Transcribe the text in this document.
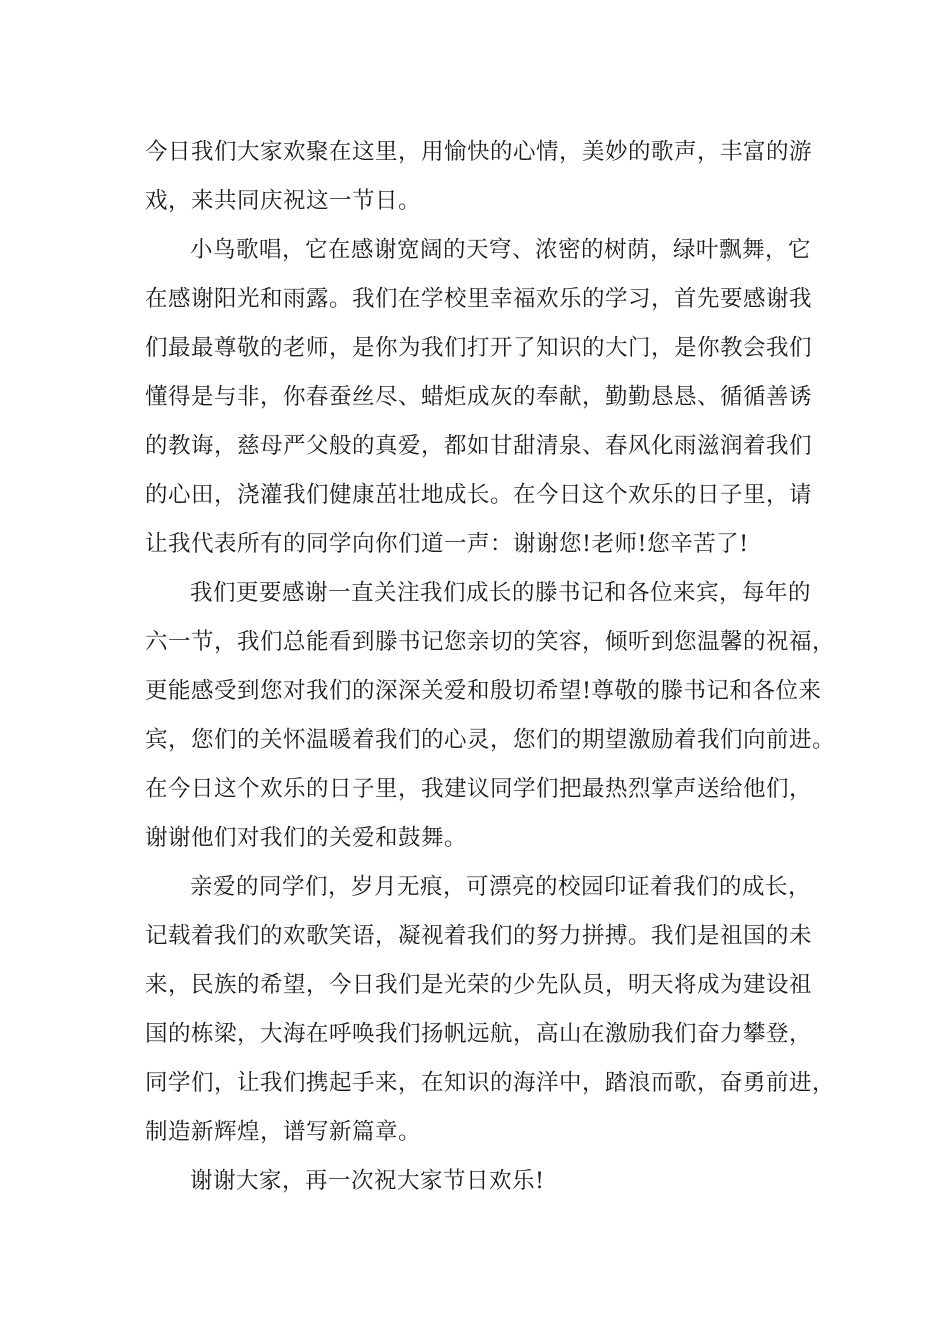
今日我们大家欢聚在这里，用愉快的心情，美妙的歌声，丰富的游
戏，来共同庆祝这一节日。
小鸟歌唱，它在感谢宽阔的天穹、浓密的树荫，绿叶飘舞，它
在感谢阳光和雨露。我们在学校里幸福欢乐的学习，首先要感谢我
们最最尊敬的老师，是你为我们打开了知识的大门，是你教会我们
懂得是与非，你春蚕丝尽、蜡炬成灰的奉献，勤勤恳恳、循循善诱
的教诲，慈母严父般的真爱，都如甘甜清泉、春风化雨滋润着我们
的心田，浇灌我们健康茁壮地成长。在今日这个欢乐的日子里，请
让我代表所有的同学向你们道一声：谢谢您!老师!您辛苦了!
我们更要感谢一直关注我们成长的滕书记和各位来宾，每年的
六一节，我们总能看到滕书记您亲切的笑容，倾听到您温馨的祝福，
更能感受到您对我们的深深关爱和殷切希望!尊敬的滕书记和各位来
宾，您们的关怀温暖着我们的心灵，您们的期望激励着我们向前进。
在今日这个欢乐的日子里，我建议同学们把最热烈掌声送给他们，
谢谢他们对我们的关爱和鼓舞。
亲爱的同学们，岁月无痕，可漂亮的校园印证着我们的成长，
记载着我们的欢歌笑语，凝视着我们的努力拼搏。我们是祖国的未
来，民族的希望，今日我们是光荣的少先队员，明天将成为建设祖
国的栋梁，大海在呼唤我们扬帆远航，高山在激励我们奋力攀登，
同学们，让我们携起手来，在知识的海洋中，踏浪而歌，奋勇前进，
制造新辉煌，谱写新篇章。
谢谢大家，再一次祝大家节日欢乐!
